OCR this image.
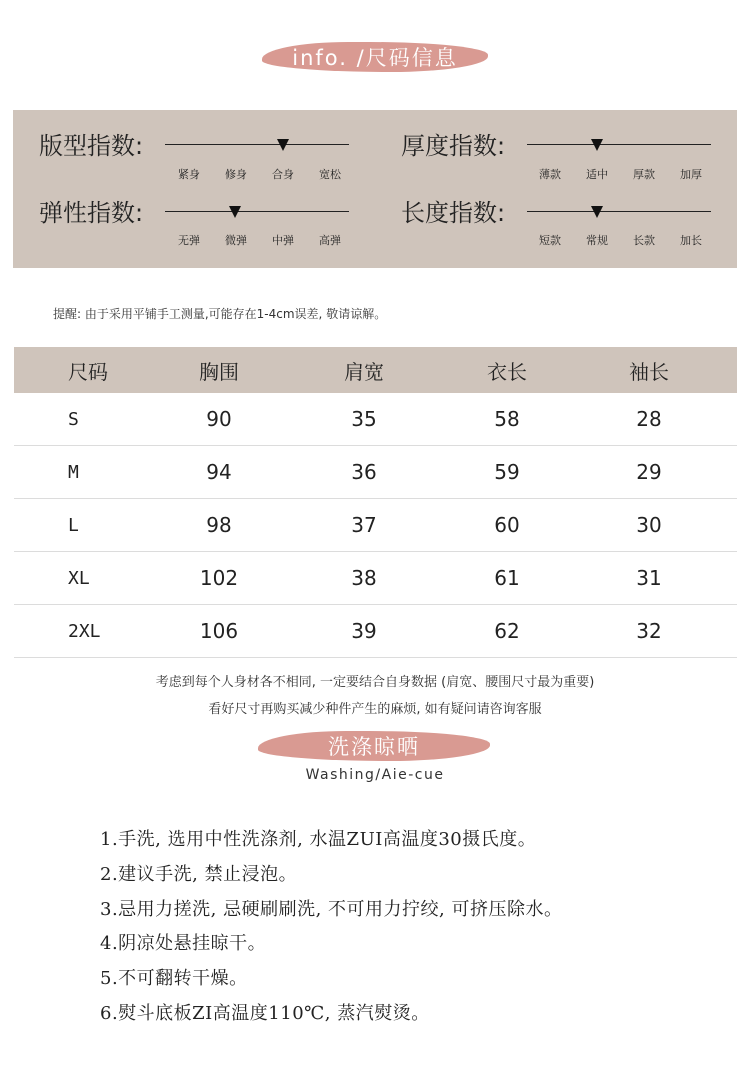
info. /尺码信息
版型指数:
紧身	修身	合身	宽松
厚度指数:
薄款	适中	厚款	加厚
弹性指数:
无弹	微弹	中弹	高弹
长度指数:
短款	常规	长款	加长
提醒: 由于采用平铺手工测量,可能存在1-4cm误差, 敬请谅解。
尺码	胸围	肩宽	衣长	袖长
S	90	35	58	28
M	94	36	59	29
L	98	37	60	30
XL	102	38	61	31
2XL	106	39	62	32
考虑到每个人身材各不相同, 一定要结合自身数据 (肩宽、腰围尺寸最为重要)
看好尺寸再购买减少种件产生的麻烦, 如有疑问请咨询客服
洗涤晾晒
Washing/Aie-cue
1.手洗, 选用中性洗涤剂, 水温ZUI高温度30摄氏度。
2.建议手洗, 禁止浸泡。
3.忌用力搓洗, 忌硬刷刷洗, 不可用力拧绞, 可挤压除水。
4.阴凉处悬挂晾干。
5.不可翻转干燥。
6.熨斗底板ZI高温度110℃, 蒸汽熨烫。
